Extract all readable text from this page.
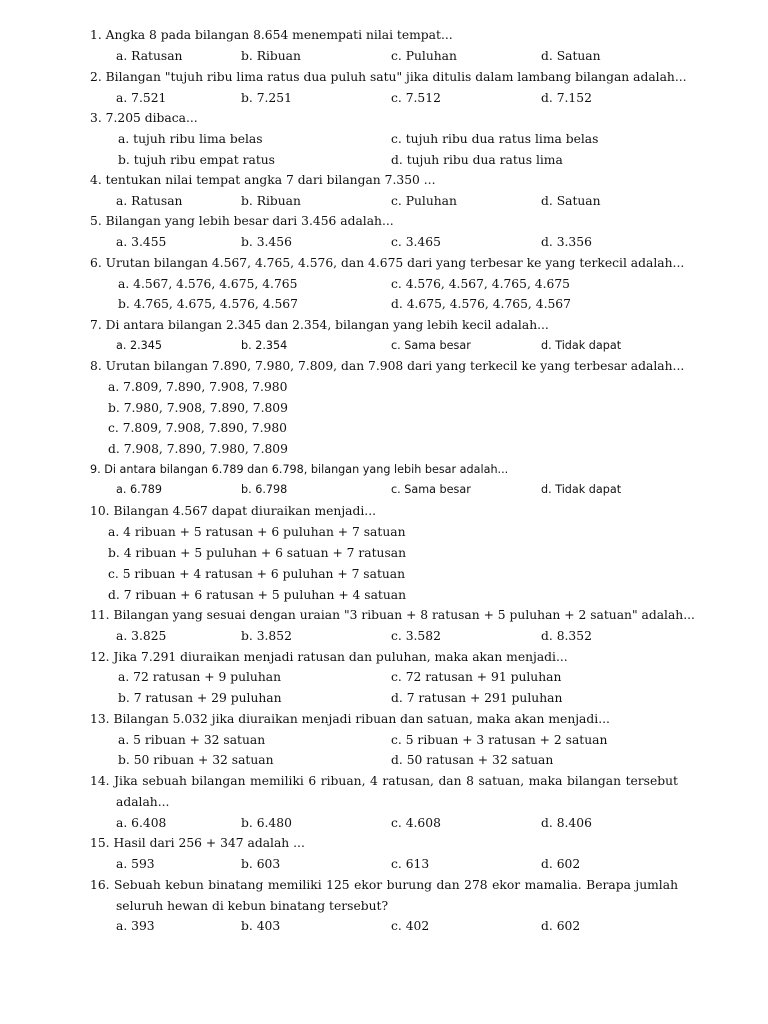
1. Angka 8 pada bilangan 8.654 menempati nilai tempat...
a. Ratusan	b. Ribuan	c. Puluhan	d. Satuan
2. Bilangan "tujuh ribu lima ratus dua puluh satu" jika ditulis dalam lambang bilangan adalah...
a. 7.521	b. 7.251	c. 7.512	d. 7.152
3. 7.205 dibaca...
a. tujuh ribu lima belas	c. tujuh ribu dua ratus lima belas
b. tujuh ribu empat ratus	d. tujuh ribu dua ratus lima
4. tentukan nilai tempat angka 7 dari bilangan 7.350 ...
a. Ratusan	b. Ribuan	c. Puluhan	d. Satuan
5. Bilangan yang lebih besar dari 3.456 adalah...
a. 3.455	b. 3.456	c. 3.465	d. 3.356
6. Urutan bilangan 4.567, 4.765, 4.576, dan 4.675 dari yang terbesar ke yang terkecil adalah...
a. 4.567, 4.576, 4.675, 4.765	c. 4.576, 4.567, 4.765, 4.675
b. 4.765, 4.675, 4.576, 4.567	d. 4.675, 4.576, 4.765, 4.567
7. Di antara bilangan 2.345 dan 2.354, bilangan yang lebih kecil adalah...
a. 2.345	b. 2.354	c. Sama besar	d. Tidak dapat
8. Urutan bilangan 7.890, 7.980, 7.809, dan 7.908 dari yang terkecil ke yang terbesar adalah...
a. 7.809, 7.890, 7.908, 7.980
b. 7.980, 7.908, 7.890, 7.809
c. 7.809, 7.908, 7.890, 7.980
d. 7.908, 7.890, 7.980, 7.809
9. Di antara bilangan 6.789 dan 6.798, bilangan yang lebih besar adalah...
a. 6.789	b. 6.798	c. Sama besar	d. Tidak dapat
10. Bilangan 4.567 dapat diuraikan menjadi...
a. 4 ribuan + 5 ratusan + 6 puluhan + 7 satuan
b. 4 ribuan + 5 puluhan + 6 satuan + 7 ratusan
c. 5 ribuan + 4 ratusan + 6 puluhan + 7 satuan
d. 7 ribuan + 6 ratusan + 5 puluhan + 4 satuan
11. Bilangan yang sesuai dengan uraian "3 ribuan + 8 ratusan + 5 puluhan + 2 satuan" adalah...
a. 3.825	b. 3.852	c. 3.582	d. 8.352
12. Jika 7.291 diuraikan menjadi ratusan dan puluhan, maka akan menjadi...
a. 72 ratusan + 9 puluhan	c. 72 ratusan + 91 puluhan
b. 7 ratusan + 29 puluhan	d. 7 ratusan + 291 puluhan
13. Bilangan 5.032 jika diuraikan menjadi ribuan dan satuan, maka akan menjadi...
a. 5 ribuan + 32 satuan	c. 5 ribuan + 3 ratusan + 2 satuan
b. 50 ribuan + 32 satuan	d. 50 ratusan + 32 satuan
14. Jika sebuah bilangan memiliki 6 ribuan, 4 ratusan, dan 8 satuan, maka bilangan tersebut
adalah...
a. 6.408	b. 6.480	c. 4.608	d. 8.406
15. Hasil dari 256 + 347 adalah ...
a. 593	b. 603	c. 613	d. 602
16. Sebuah kebun binatang memiliki 125 ekor burung dan 278 ekor mamalia. Berapa jumlah
seluruh hewan di kebun binatang tersebut?
a. 393	b. 403	c. 402	d. 602
